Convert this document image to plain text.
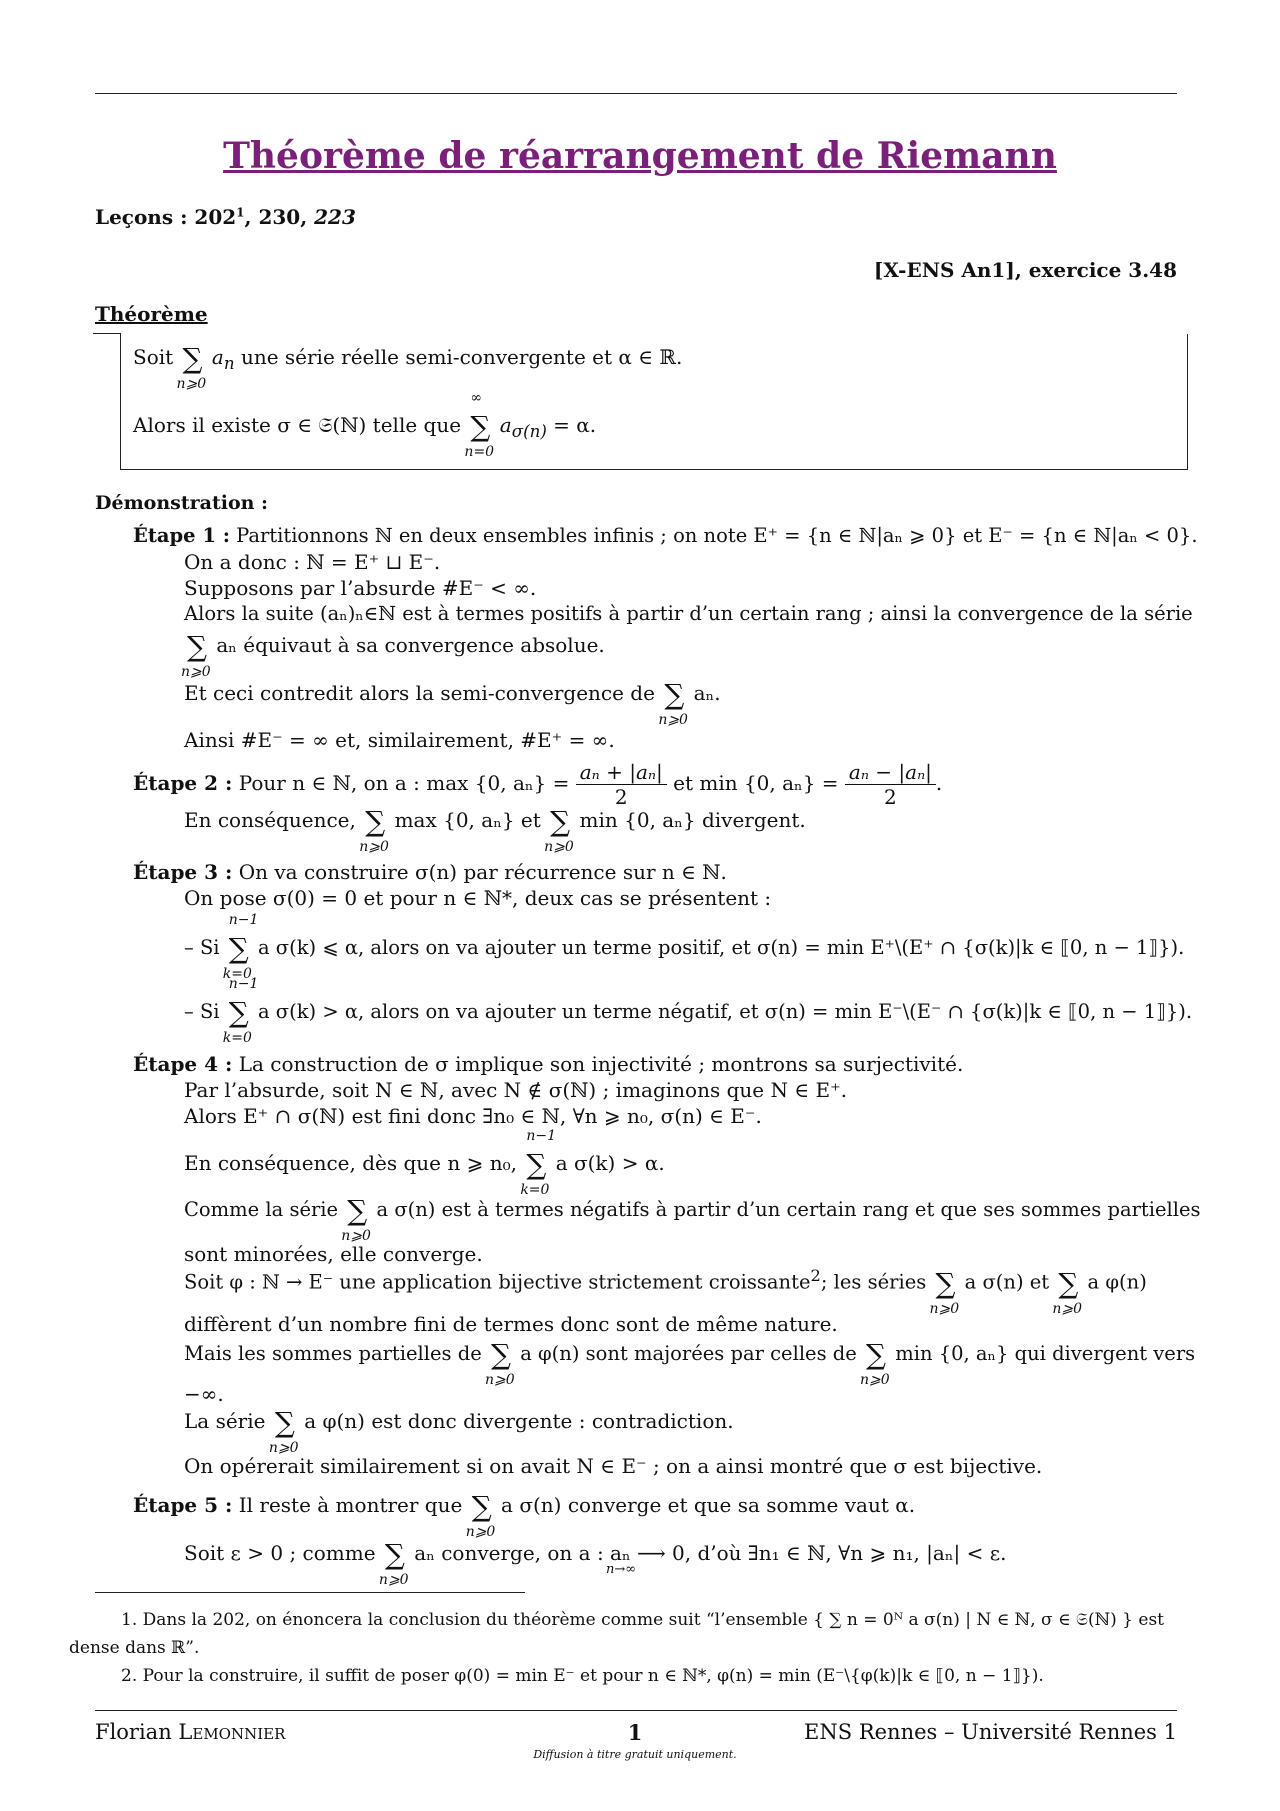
Théorème de réarrangement de Riemann
Leçons : $202^1$, 230, 223
[X-ENS An1], exercice 3.48
Théorème
Soit ∑
n⩾0
$a_n$ une série réelle semi-convergente et α ∈ ℝ.
Alors il existe σ ∈ 𝔖(ℕ) telle que ∑
∞
n=0
$a_{\sigma(n)} = \alpha$.
Démonstration :
Étape 1 : Partitionnons ℕ en deux ensembles infinis ; on note E⁺ = {n ∈ ℕ|aₙ ⩾ 0} et E⁻ = {n ∈ ℕ|aₙ < 0}.
On a donc : ℕ = E⁺ ⊔ E⁻.
Supposons par l’absurde #E⁻ < ∞.
Alors la suite (aₙ)ₙ∈ℕ est à termes positifs à partir d’un certain rang ; ainsi la convergence de la série
∑
n⩾0
aₙ équivaut à sa convergence absolue.
Et ceci contredit alors la semi-convergence de ∑
n⩾0
aₙ.
Ainsi #E⁻ = ∞ et, similairement, #E⁺ = ∞.
Étape 2 : Pour n ∈ ℕ, on a : max {0, $a_n\} = \frac{\text{aₙ + |aₙ|}}{2}$ et min {0, $a_n\} = \frac{\text{aₙ − |aₙ|}}{2}$ .
En conséquence, ∑
n⩾0
max {0, aₙ} et ∑
n⩾0
min {0, aₙ} divergent.
Étape 3 : On va construire σ(n) par récurrence sur n ∈ ℕ.
On pose σ(0) = 0 et pour n ∈ ℕ*, deux cas se présentent :
– Si ∑
n−1
k=0
a σ(k) ⩽ α, alors on va ajouter un terme positif, et σ(n) = min E⁺\(E⁺ ∩ {σ(k)|k ∈ ⟦0, n − 1⟧}).
– Si ∑
n−1
k=0
a σ(k) > α, alors on va ajouter un terme négatif, et σ(n) = min E⁻\(E⁻ ∩ {σ(k)|k ∈ ⟦0, n − 1⟧}).
Étape 4 : La construction de σ implique son injectivité ; montrons sa surjectivité.
Par l’absurde, soit N ∈ ℕ, avec N ∉ σ(ℕ) ; imaginons que N ∈ E⁺.
Alors E⁺ ∩ σ(ℕ) est fini donc ∃n₀ ∈ ℕ, ∀n ⩾ n₀, σ(n) ∈ E⁻.
En conséquence, dès que n ⩾ n₀, ∑
n−1
k=0
a σ(k) > α.
Comme la série ∑
n⩾0
a σ(n) est à termes négatifs à partir d’un certain rang et que ses sommes partielles
sont minorées, elle converge.
Soit φ : ℕ → E⁻ une application bijective strictement croissante$^2$; les séries ∑
n⩾0
a σ(n) et ∑
n⩾0
a φ(n)
diffèrent d’un nombre fini de termes donc sont de même nature.
Mais les sommes partielles de ∑
n⩾0
a φ(n) sont majorées par celles de ∑
n⩾0
min {0, aₙ} qui divergent vers
−∞.
La série ∑
n⩾0
a φ(n) est donc divergente : contradiction.
On opérerait similairement si on avait N ∈ E⁻ ; on a ainsi montré que σ est bijective.
Étape 5 : Il reste à montrer que ∑
n⩾0
a σ(n) converge et que sa somme vaut α.
Soit ε > 0 ; comme ∑
n⩾0
aₙ converge, on a : aₙ ⟶ 0, d’où ∃n₁ ∈ ℕ, ∀n ⩾ n₁, |aₙ| < ε.
n→∞
1. Dans la 202, on énoncera la conclusion du théorème comme suit “l’ensemble { ∑ n = 0ᴺ a σ(n) | N ∈ ℕ, σ ∈ 𝔖(ℕ) } est
dense dans ℝ”.
2. Pour la construire, il suffit de poser φ(0) = min E⁻ et pour n ∈ ℕ*, φ(n) = min (E⁻\{φ(k)|k ∈ ⟦0, n − 1⟧}).
Florian Lemonnier	1
Diffusion à titre gratuit uniquement.
ENS Rennes – Université Rennes 1
